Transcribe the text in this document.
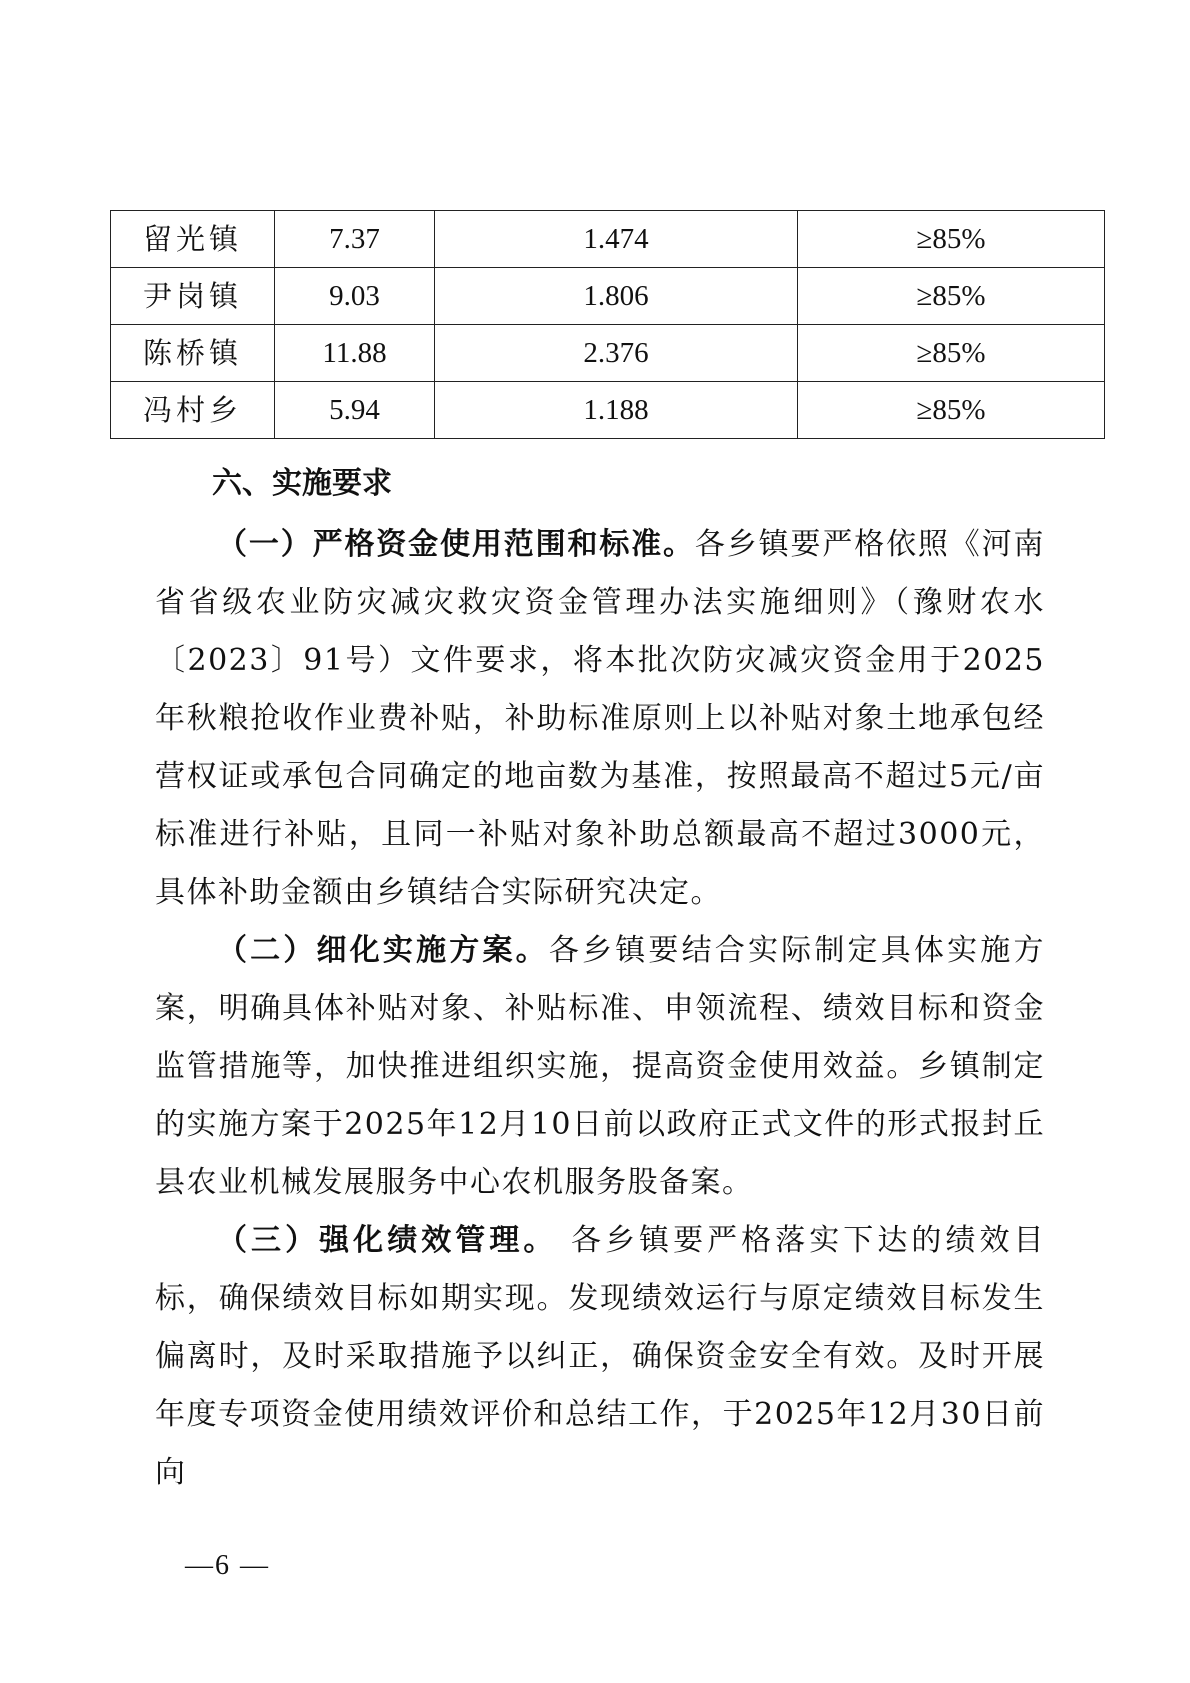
留光镇	7.37	1.474	≥85%
尹岗镇	9.03	1.806	≥85%
陈桥镇	11.88	2.376	≥85%
冯村乡	5.94	1.188	≥85%
六、实施要求

（一）严格资金使用范围和标准。各乡镇要严格依照《河南省省级农业防灾减灾救灾资金管理办法实施细则》（豫财农水〔2023〕91号）文件要求，将本批次防灾减灾资金用于2025年秋粮抢收作业费补贴，补助标准原则上以补贴对象土地承包经营权证或承包合同确定的地亩数为基准，按照最高不超过5元/亩标准进行补贴，且同一补贴对象补助总额最高不超过3000元，具体补助金额由乡镇结合实际研究决定。

（二）细化实施方案。各乡镇要结合实际制定具体实施方案，明确具体补贴对象、补贴标准、申领流程、绩效目标和资金监管措施等，加快推进组织实施，提高资金使用效益。乡镇制定的实施方案于2025年12月10日前以政府正式文件的形式报封丘县农业机械发展服务中心农机服务股备案。

（三）强化绩效管理。 各乡镇要严格落实下达的绩效目标，确保绩效目标如期实现。发现绩效运行与原定绩效目标发生偏离时，及时采取措施予以纠正，确保资金安全有效。及时开展年度专项资金使用绩效评价和总结工作，于2025年12月30日前向

—6 —
